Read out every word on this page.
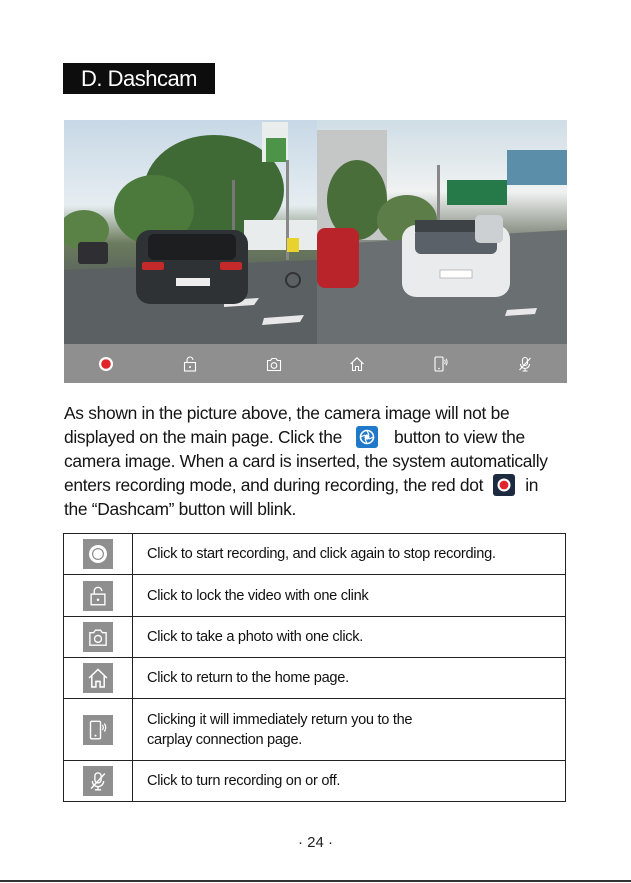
D. Dashcam
As shown in the picture above, the camera image will not be
displayed on the main page. Click the	button to view the
camera image. When a card is inserted, the system automatically
enters recording mode, and during recording, the red dot in
the “Dashcam” button will blink.
Click to start recording, and click again to stop recording.
Click to lock the video with one clink
Click to take a photo with one click.
Click to return to the home page.
Clicking it will immediately return you to the
carplay connection page.
Click to turn recording on or off.
· 24 ·
